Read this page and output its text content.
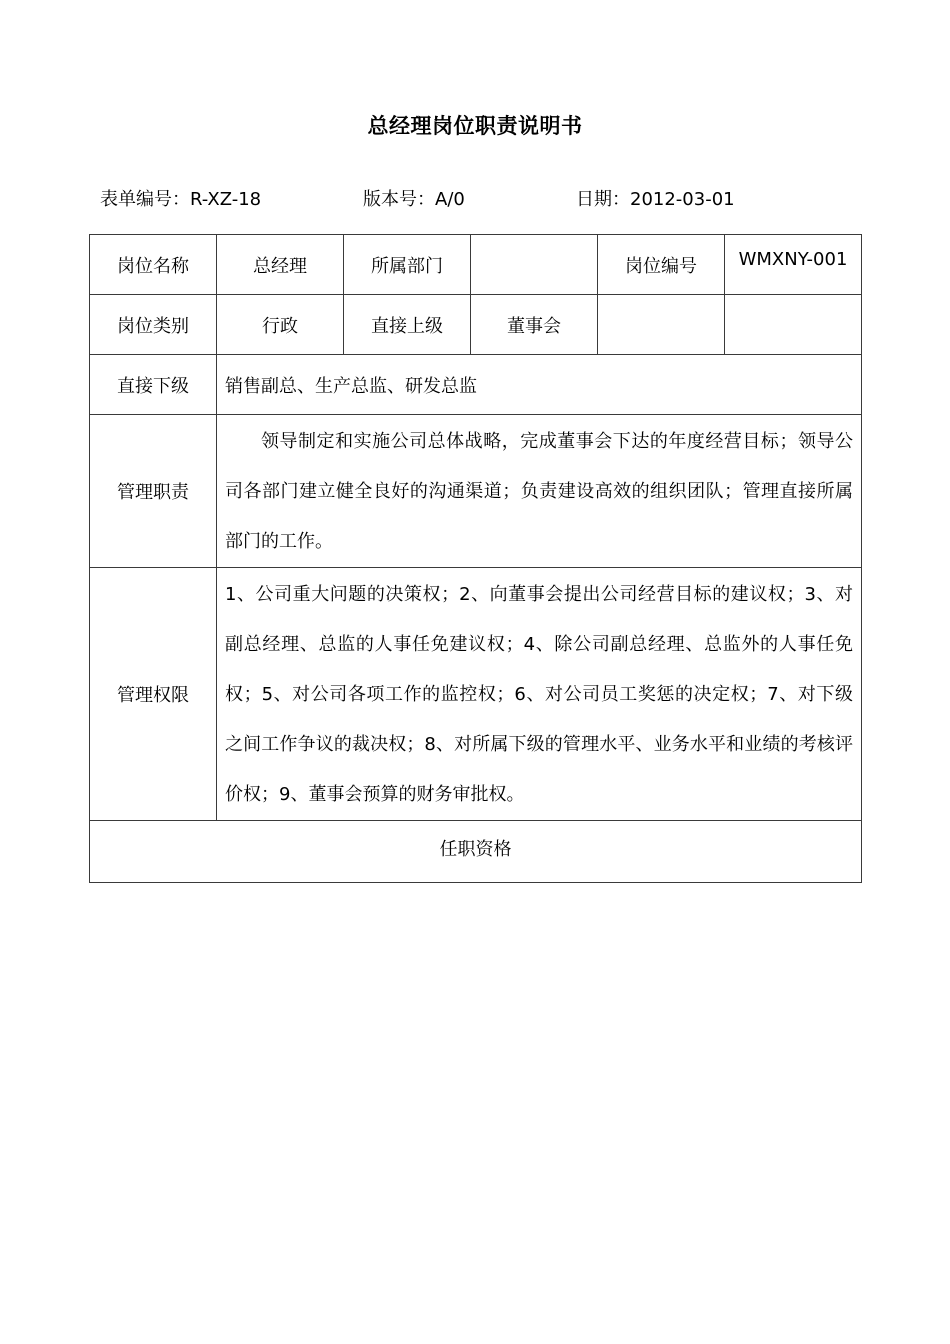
总经理岗位职责说明书
表单编号：R-XZ-18	版本号：A/0	日期：2012-03-01
岗位名称	总经理	所属部门		岗位编号	WMXNY-001
岗位类别	行政	直接上级	董事会		
直接下级	销售副总、生产总监、研发总监				
管理职责	领导制定和实施公司总体战略，完成董事会下达的年度经营目标；领导公司各部门建立健全良好的沟通渠道；负责建设高效的组织团队；管理直接所属部门的工作。				
管理权限	1、公司重大问题的决策权；2、向董事会提出公司经营目标的建议权；3、对副总经理、总监的人事任免建议权；4、除公司副总经理、总监外的人事任免权；5、对公司各项工作的监控权；6、对公司员工奖惩的决定权；7、对下级之间工作争议的裁决权；8、对所属下级的管理水平、业务水平和业绩的考核评价权；9、董事会预算的财务审批权。				
任职资格					
